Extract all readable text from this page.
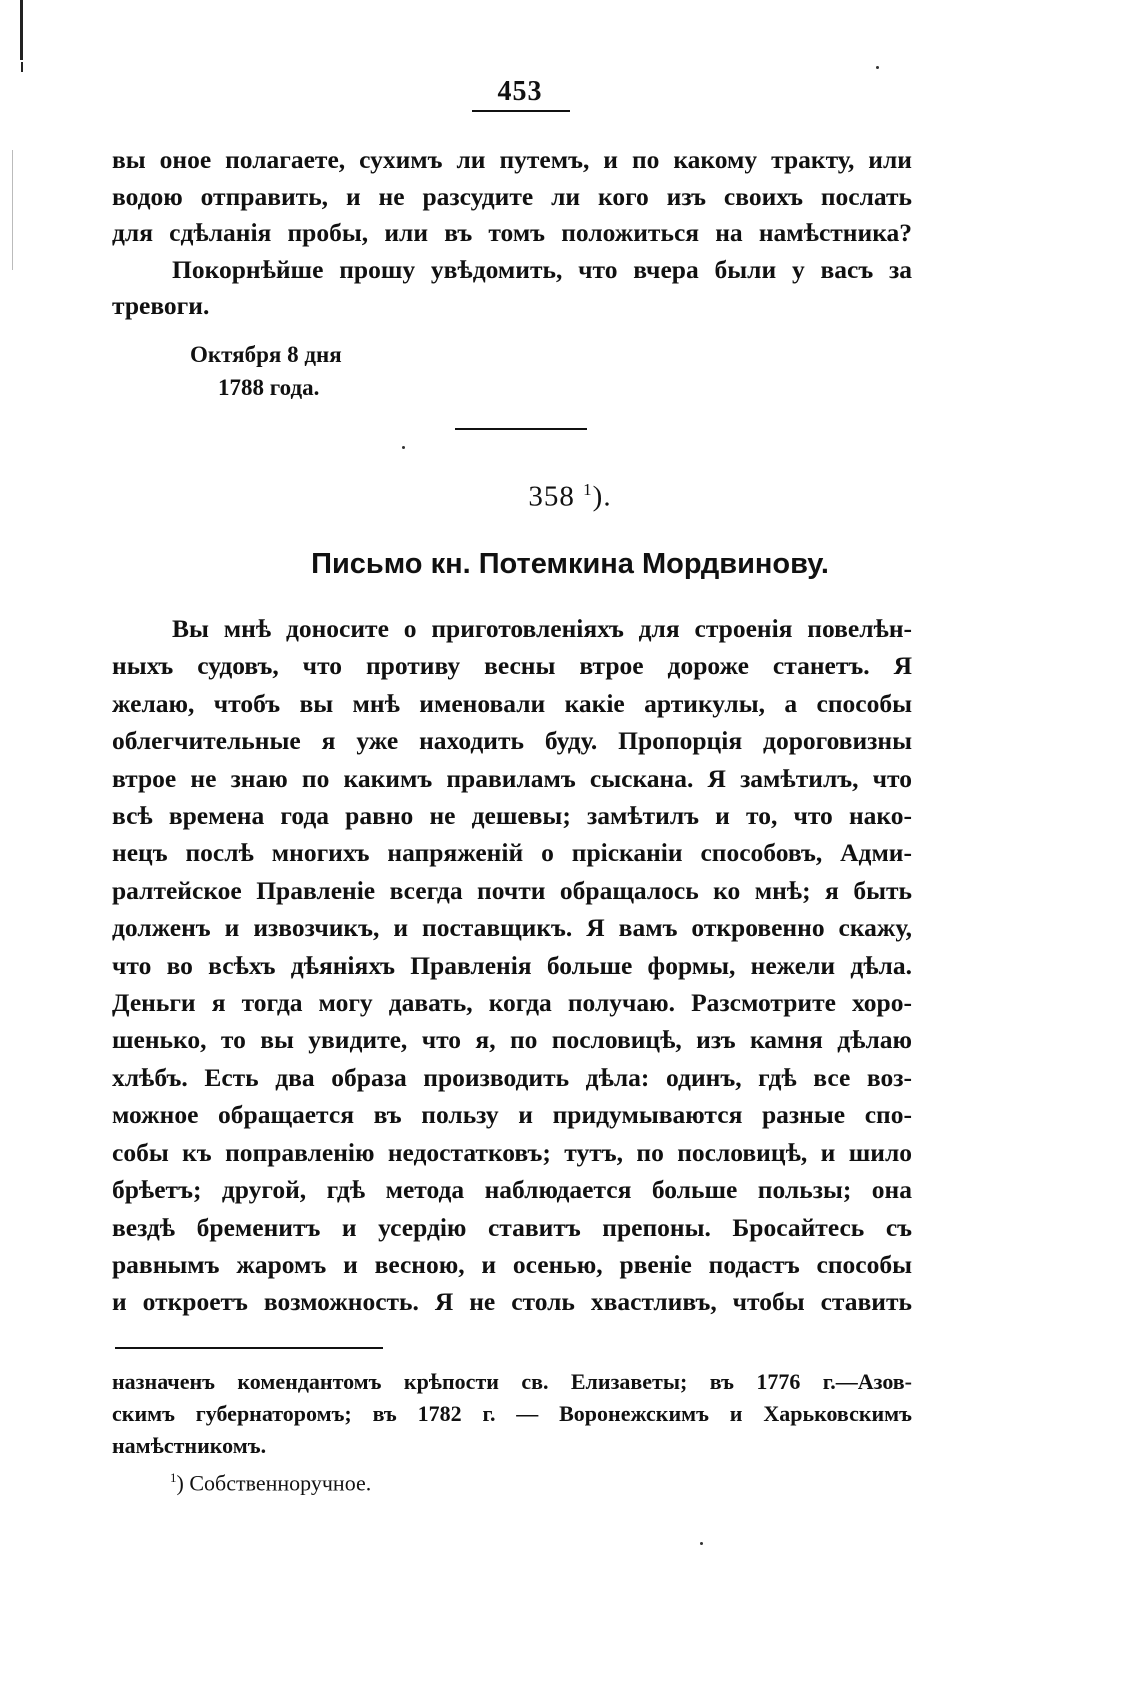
453
вы оное полагаете, сухимъ ли путемъ, и по какому тракту, или
водою отправить, и не разсудите ли кого изъ своихъ послать
для сдѣланія пробы, или въ томъ положиться на намѣстника?
Покорнѣйше прошу увѣдомить, что вчера были у васъ за
тревоги.
Октября 8 дня
1788 года.
358 $^1$).
Письмо кн. Потемкина Мордвинову.
Вы мнѣ доносите о приготовленіяхъ для строенія повелѣн-
ныхъ судовъ, что противу весны втрое дороже станетъ. Я
желаю, чтобъ вы мнѣ именовали какіе артикулы, а способы
облегчительные я уже находить буду. Пропорція дороговизны
втрое не знаю по какимъ правиламъ сыскана. Я замѣтилъ, что
всѣ времена года равно не дешевы; замѣтилъ и то, что нако-
нецъ послѣ многихъ напряженій о прісканіи способовъ, Адми-
ралтейское Правленіе всегда почти обращалось ко мнѣ; я быть
долженъ и извозчикъ, и поставщикъ. Я вамъ откровенно скажу,
что во всѣхъ дѣяніяхъ Правленія больше формы, нежели дѣла.
Деньги я тогда могу давать, когда получаю. Разсмотрите хоро-
шенько, то вы увидите, что я, по пословицѣ, изъ камня дѣлаю
хлѣбъ. Есть два образа производить дѣла: одинъ, гдѣ все воз-
можное обращается въ пользу и придумываются разные спо-
собы къ поправленію недостатковъ; тутъ, по пословицѣ, и шило
брѣетъ; другой, гдѣ метода наблюдается больше пользы; она
вездѣ бременитъ и усердію ставитъ препоны. Бросайтесь съ
равнымъ жаромъ и весною, и осенью, рвеніе подастъ способы
и откроетъ возможность. Я не столь хвастливъ, чтобы ставить
назначенъ комендантомъ крѣпости св. Елизаветы; въ 1776 г.—Азов-
скимъ губернаторомъ; въ 1782 г. — Воронежскимъ и Харьковскимъ
намѣстникомъ.
$^1$) Собственноручное.
